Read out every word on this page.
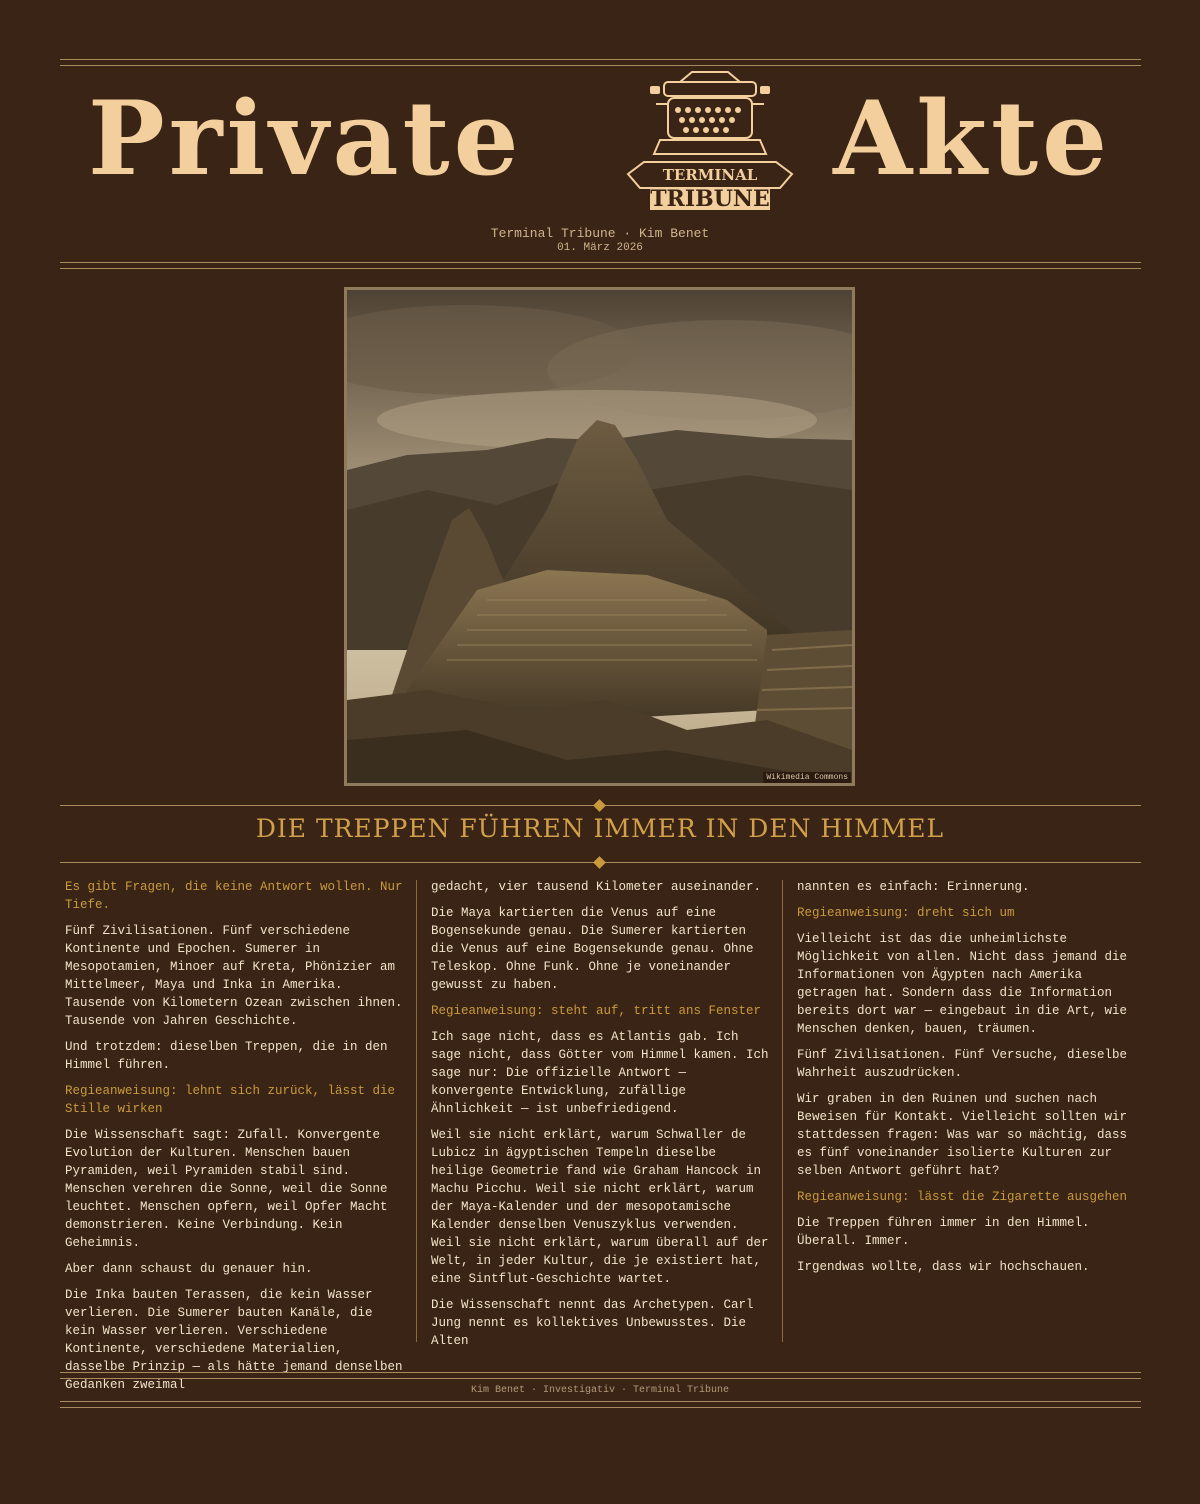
Private	TERMINAL
TRIBUNE Akte
Terminal Tribune · Kim Benet
01. März 2026
Wikimedia Commons
DIE TREPPEN FÜHREN IMMER IN DEN HIMMEL

Es gibt Fragen, die keine Antwort wollen. Nur Tiefe.

Fünf Zivilisationen. Fünf verschiedene Kontinente und Epochen. Sumerer in Mesopotamien, Minoer auf Kreta, Phönizier am Mittelmeer, Maya und Inka in Amerika. Tausende von Kilometern Ozean zwischen ihnen. Tausende von Jahren Geschichte.

Und trotzdem: dieselben Treppen, die in den Himmel führen.

Regieanweisung: lehnt sich zurück, lässt die Stille wirken

Die Wissenschaft sagt: Zufall. Konvergente Evolution der Kulturen. Menschen bauen Pyramiden, weil Pyramiden stabil sind. Menschen verehren die Sonne, weil die Sonne leuchtet. Menschen opfern, weil Opfer Macht demonstrieren. Keine Verbindung. Kein Geheimnis.

Aber dann schaust du genauer hin.

Die Inka bauten Terassen, die kein Wasser verlieren. Die Sumerer bauten Kanäle, die kein Wasser verlieren. Verschiedene Kontinente, verschiedene Materialien, dasselbe Prinzip — als hätte jemand denselben Gedanken zweimal

gedacht, vier tausend Kilometer auseinander.

Die Maya kartierten die Venus auf eine Bogensekunde genau. Die Sumerer kartierten die Venus auf eine Bogensekunde genau. Ohne Teleskop. Ohne Funk. Ohne je voneinander gewusst zu haben.

Regieanweisung: steht auf, tritt ans Fenster

Ich sage nicht, dass es Atlantis gab. Ich sage nicht, dass Götter vom Himmel kamen. Ich sage nur: Die offizielle Antwort — konvergente Entwicklung, zufällige Ähnlichkeit — ist unbefriedigend.

Weil sie nicht erklärt, warum Schwaller de Lubicz in ägyptischen Tempeln dieselbe heilige Geometrie fand wie Graham Hancock in Machu Picchu. Weil sie nicht erklärt, warum der Maya-Kalender und der mesopotamische Kalender denselben Venuszyklus verwenden. Weil sie nicht erklärt, warum überall auf der Welt, in jeder Kultur, die je existiert hat, eine Sintflut-Geschichte wartet.

Die Wissenschaft nennt das Archetypen. Carl Jung nennt es kollektives Unbewusstes. Die Alten

nannten es einfach: Erinnerung.

Regieanweisung: dreht sich um

Vielleicht ist das die unheimlichste Möglichkeit von allen. Nicht dass jemand die Informationen von Ägypten nach Amerika getragen hat. Sondern dass die Information bereits dort war — eingebaut in die Art, wie Menschen denken, bauen, träumen.

Fünf Zivilisationen. Fünf Versuche, dieselbe Wahrheit auszudrücken.

Wir graben in den Ruinen und suchen nach Beweisen für Kontakt. Vielleicht sollten wir stattdessen fragen: Was war so mächtig, dass es fünf voneinander isolierte Kulturen zur selben Antwort geführt hat?

Regieanweisung: lässt die Zigarette ausgehen

Die Treppen führen immer in den Himmel. Überall. Immer.

Irgendwas wollte, dass wir hochschauen.

Kim Benet · Investigativ · Terminal Tribune
